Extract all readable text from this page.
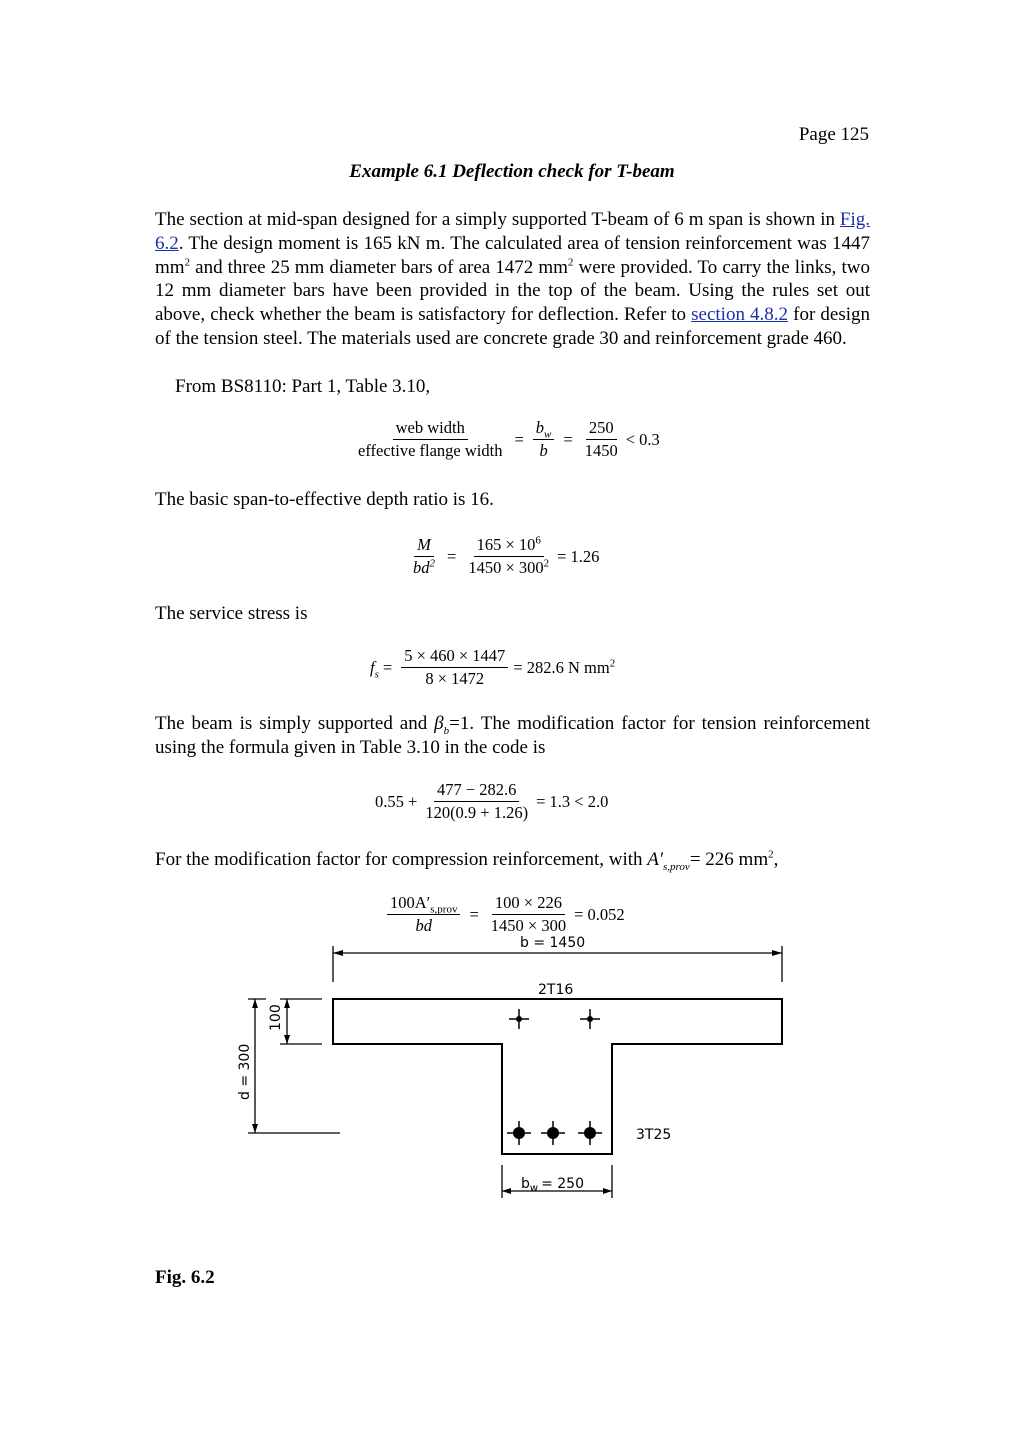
Page 125
Example 6.1 Deflection check for T-beam

The section at mid-span designed for a simply supported T-beam of 6 m span is shown in Fig. 6.2. The design moment is 165 kN m. The calculated area of tension reinforcement was 1447 $mm^2$ and three 25 mm diameter bars of area 1472 $mm^2$ were provided. To carry the links, two 12 mm diameter bars have been provided in the top of the beam. Using the rules set out above, check whether the beam is satisfactory for deflection. Refer to section 4.8.2 for design of the tension steel. The materials used are concrete grade 30 and reinforcement grade 460.

From BS8110: Part 1, Table 3.10,
$\frac{\text{web width}}{\text{effective flange width}} = \frac{b_w}{b} = \frac{250}{1450} < 0.3$
The basic span-to-effective depth ratio is 16.
$\frac{M}{bd^2} = \frac{165 \times 10^6}{1450 \times 300^2} = 1.26$
The service stress is
$f_s = \frac{5 \times 460 \times 1447}{8 \times 1472} = 282.6$ N $mm^2$

The beam is simply supported and $\beta_b=1$. The modification factor for tension reinforcement using the formula given in Table 3.10 in the code is

$0.55 + \frac{477 - 282.6}{120(0.9 + 1.26)} = 1.3 < 2.0$
For the modification factor for compression reinforcement, with $A'_{s,prov}= 226$ $mm^2$,
$\frac{100A'_{s,prov}}{bd} = \frac{100 \times 226}{1450 \times 300} = 0.052$
b = 1450
2T16
3T25
100
d = 300
$b_w = 250$
Fig. 6.2
